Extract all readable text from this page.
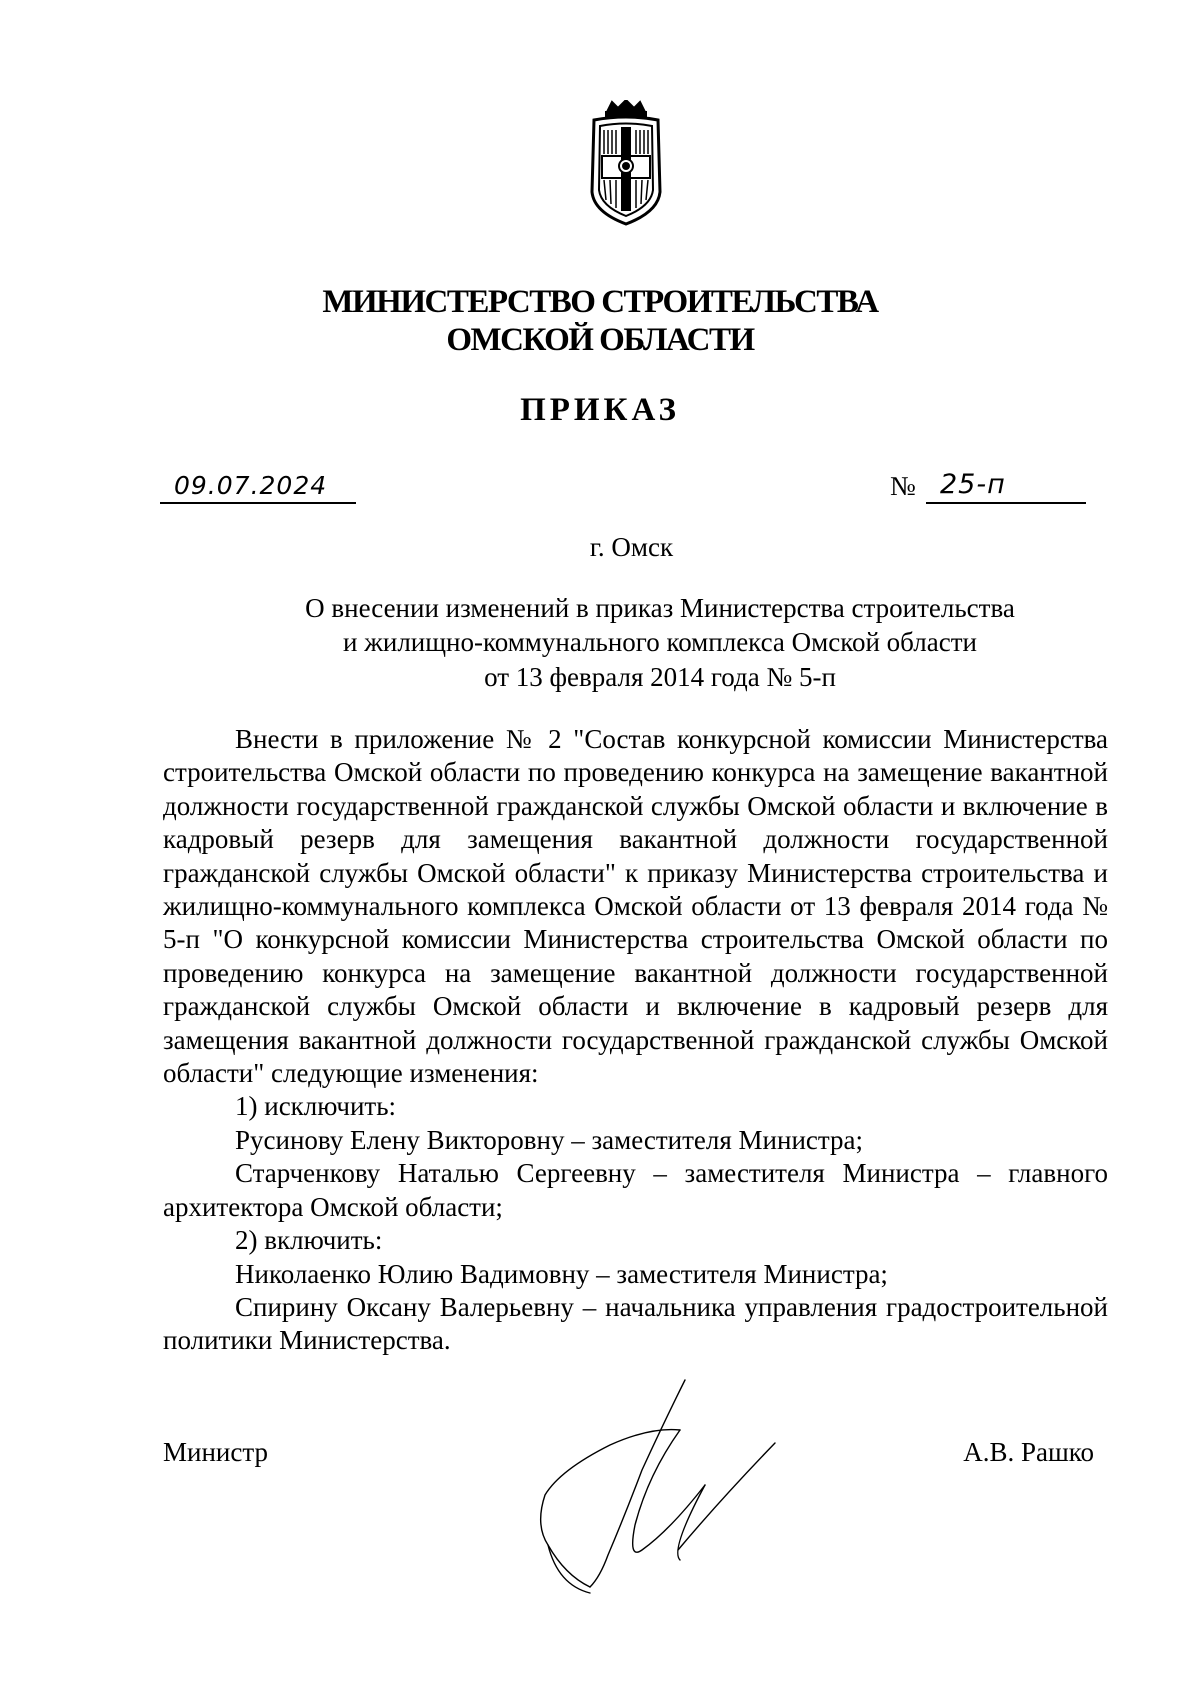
МИНИСТЕРСТВО СТРОИТЕЛЬСТВА
ОМСКОЙ ОБЛАСТИ
ПРИКАЗ
09.07.2024	№ 25-п
г. Омск
О внесении изменений в приказ Министерства строительства
и жилищно-коммунального комплекса Омской области
от 13 февраля 2014 года № 5-п

Внести в приложение № 2 "Состав конкурсной комиссии Министерства строительства Омской области по проведению конкурса на замещение вакантной должности государственной гражданской службы Омской области и включение в кадровый резерв для замещения вакантной должности государственной гражданской службы Омской области" к приказу Министерства строительства и жилищно-коммунального комплекса Омской области от 13 февраля 2014 года № 5-п "О конкурсной комиссии Министерства строительства Омской области по проведению конкурса на замещение вакантной должности государственной гражданской службы Омской области и включение в кадровый резерв для замещения вакантной должности государственной гражданской службы Омской области" следующие изменения:

1) исключить:

Русинову Елену Викторовну – заместителя Министра;

Старченкову Наталью Сергеевну – заместителя Министра – главного архитектора Омской области;

2) включить:

Николаенко Юлию Вадимовну – заместителя Министра;

Спирину Оксану Валерьевну – начальника управления градостроительной политики Министерства.

Министр	А.В. Рашко
